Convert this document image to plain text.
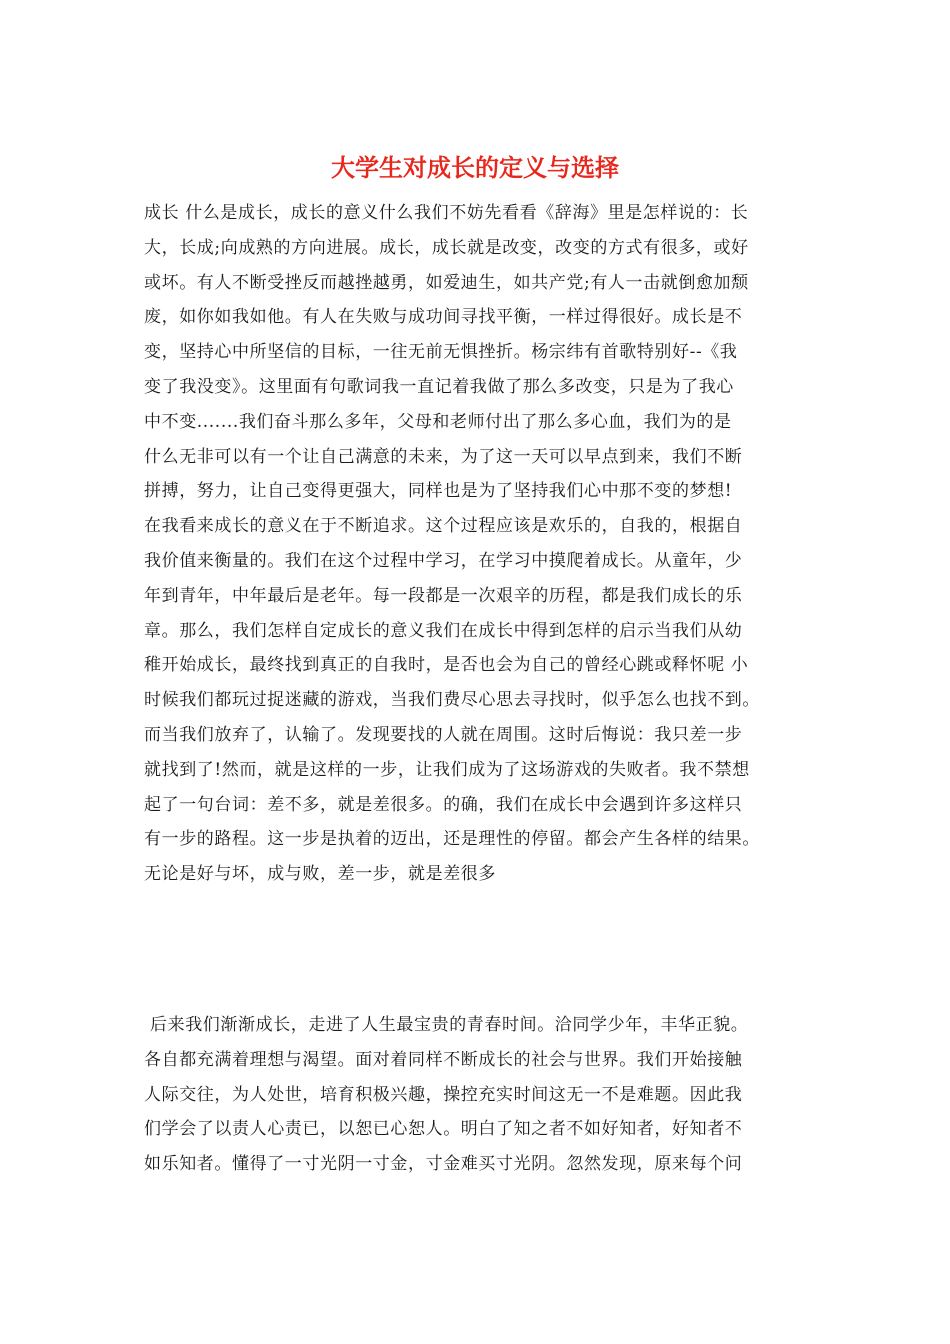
大学生对成长的定义与选择
成长 什么是成长，成长的意义什么我们不妨先看看《辞海》里是怎样说的：长
大，长成;向成熟的方向进展。成长，成长就是改变，改变的方式有很多，或好
或坏。有人不断受挫反而越挫越勇，如爱迪生，如共产党;有人一击就倒愈加颓
废，如你如我如他。有人在失败与成功间寻找平衡，一样过得很好。成长是不
变，坚持心中所坚信的目标，一往无前无惧挫折。杨宗纬有首歌特别好--《我
变了我没变》。这里面有句歌词我一直记着我做了那么多改变，只是为了我心
中不变.......我们奋斗那么多年，父母和老师付出了那么多心血，我们为的是
什么无非可以有一个让自己满意的未来，为了这一天可以早点到来，我们不断
拼搏，努力，让自己变得更强大，同样也是为了坚持我们心中那不变的梦想!
在我看来成长的意义在于不断追求。这个过程应该是欢乐的，自我的，根据自
我价值来衡量的。我们在这个过程中学习，在学习中摸爬着成长。从童年，少
年到青年，中年最后是老年。每一段都是一次艰辛的历程，都是我们成长的乐
章。那么，我们怎样自定成长的意义我们在成长中得到怎样的启示当我们从幼
稚开始成长，最终找到真正的自我时，是否也会为自己的曾经心跳或释怀呢 小
时候我们都玩过捉迷藏的游戏，当我们费尽心思去寻找时，似乎怎么也找不到。
而当我们放弃了，认输了。发现要找的人就在周围。这时后悔说：我只差一步
就找到了!然而，就是这样的一步，让我们成为了这场游戏的失败者。我不禁想
起了一句台词：差不多，就是差很多。的确，我们在成长中会遇到许多这样只
有一步的路程。这一步是执着的迈出，还是理性的停留。都会产生各样的结果。
无论是好与坏，成与败，差一步，就是差很多
后来我们渐渐成长，走进了人生最宝贵的青春时间。洽同学少年，丰华正貌。
各自都充满着理想与渴望。面对着同样不断成长的社会与世界。我们开始接触
人际交往，为人处世，培育积极兴趣，操控充实时间这无一不是难题。因此我
们学会了以责人心责已，以恕已心恕人。明白了知之者不如好知者，好知者不
如乐知者。懂得了一寸光阴一寸金，寸金难买寸光阴。忽然发现，原来每个问
